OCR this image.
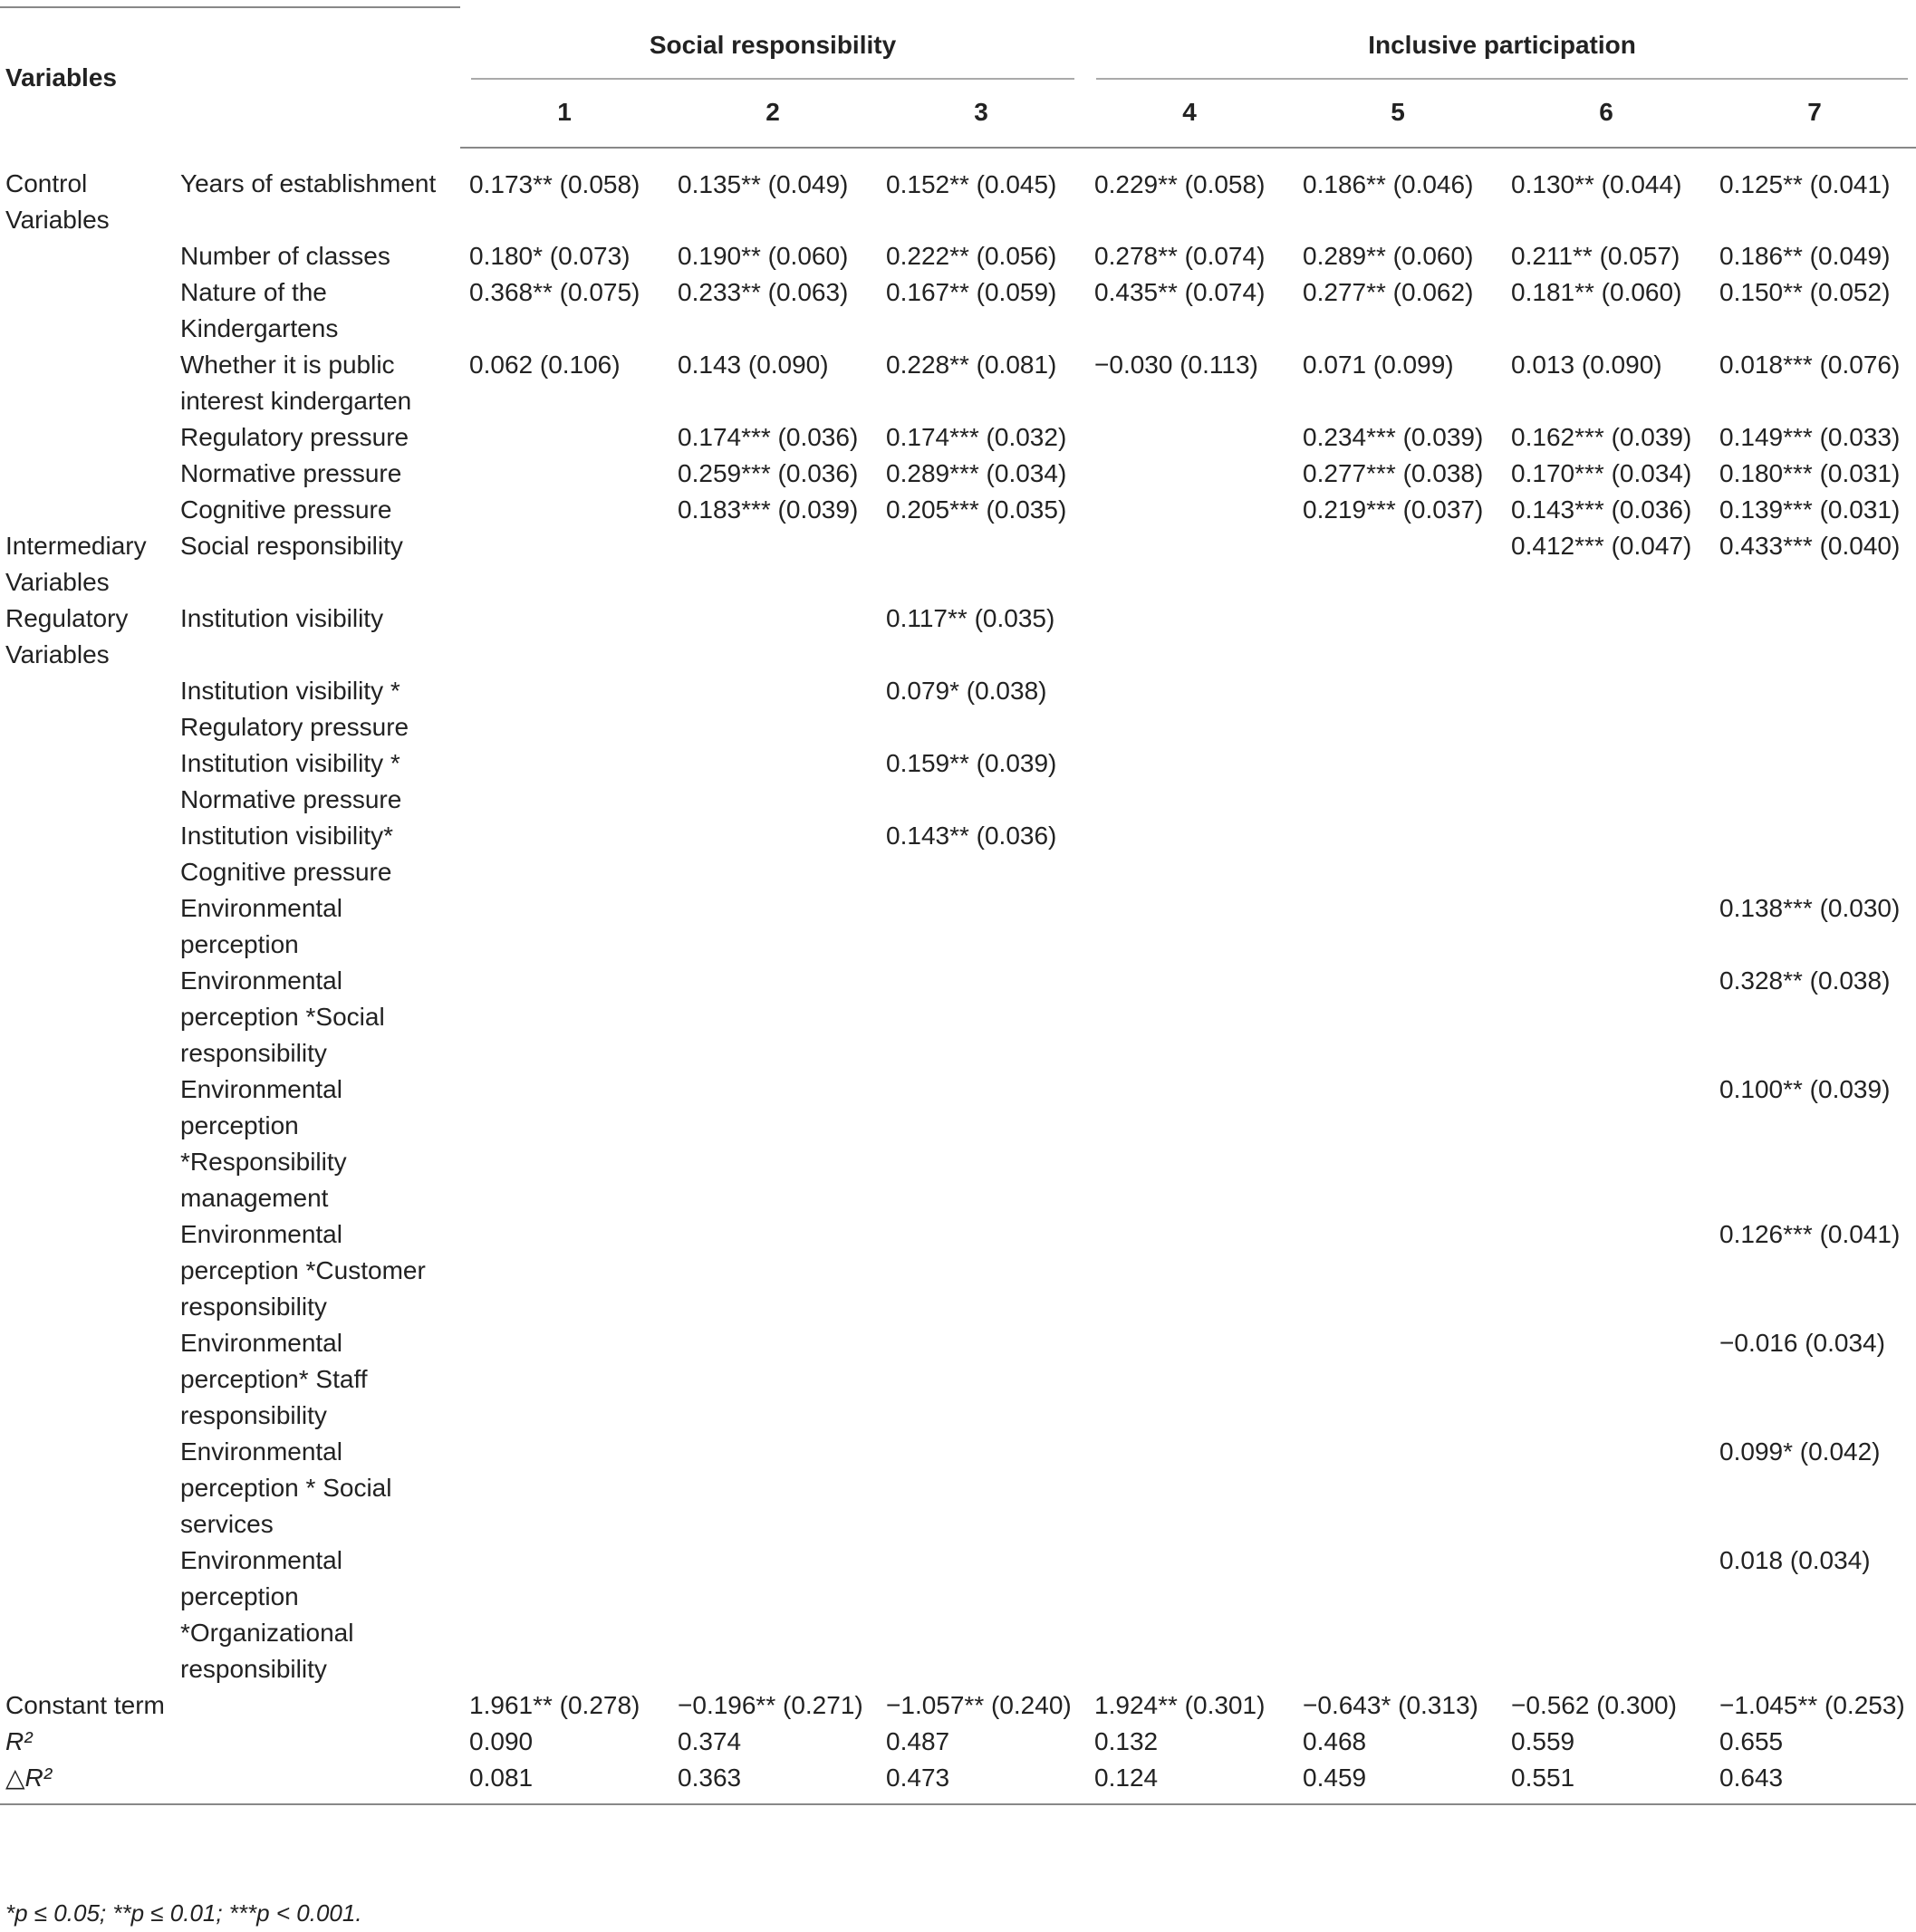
Variables		Social responsibility			Inclusive participation			

		1	2	3	4	5	6	7
Control Variables	Years of establishment	0.173** (0.058)	0.135** (0.049)	0.152** (0.045)	0.229** (0.058)	0.186** (0.046)	0.130** (0.044)	0.125** (0.041)
	Number of classes	0.180* (0.073)	0.190** (0.060)	0.222** (0.056)	0.278** (0.074)	0.289** (0.060)	0.211** (0.057)	0.186** (0.049)
	Nature of the Kindergartens	0.368** (0.075)	0.233** (0.063)	0.167** (0.059)	0.435** (0.074)	0.277** (0.062)	0.181** (0.060)	0.150** (0.052)
	Whether it is public interest kindergarten	0.062 (0.106)	0.143 (0.090)	0.228** (0.081)	−0.030 (0.113)	0.071 (0.099)	0.013 (0.090)	0.018*** (0.076)
	Regulatory pressure		0.174*** (0.036)	0.174*** (0.032)		0.234*** (0.039)	0.162*** (0.039)	0.149*** (0.033)
	Normative pressure		0.259*** (0.036)	0.289*** (0.034)		0.277*** (0.038)	0.170*** (0.034)	0.180*** (0.031)
	Cognitive pressure		0.183*** (0.039)	0.205*** (0.035)		0.219*** (0.037)	0.143*** (0.036)	0.139*** (0.031)
Intermediary Variables	Social responsibility						0.412*** (0.047)	0.433*** (0.040)
Regulatory Variables	Institution visibility			0.117** (0.035)				
	Institution visibility * Regulatory pressure			0.079* (0.038)				
	Institution visibility * Normative pressure			0.159** (0.039)				
	Institution visibility* Cognitive pressure			0.143** (0.036)				
	Environmental perception							0.138*** (0.030)
	Environmental perception *Social responsibility							0.328** (0.038)
	Environmental perception *Responsibility management							0.100** (0.039)
	Environmental perception *Customer responsibility							0.126*** (0.041)
	Environmental perception* Staff responsibility							−0.016 (0.034)
	Environmental perception * Social services							0.099* (0.042)
	Environmental perception *Organizational responsibility							0.018 (0.034)
Constant term		1.961** (0.278)	−0.196** (0.271)	−1.057** (0.240)	1.924** (0.301)	−0.643* (0.313)	−0.562 (0.300)	−1.045** (0.253)
R²		0.090	0.374	0.487	0.132	0.468	0.559	0.655
△R²		0.081	0.363	0.473	0.124	0.459	0.551	0.643
*p ≤ 0.05; **p ≤ 0.01; ***p < 0.001.
